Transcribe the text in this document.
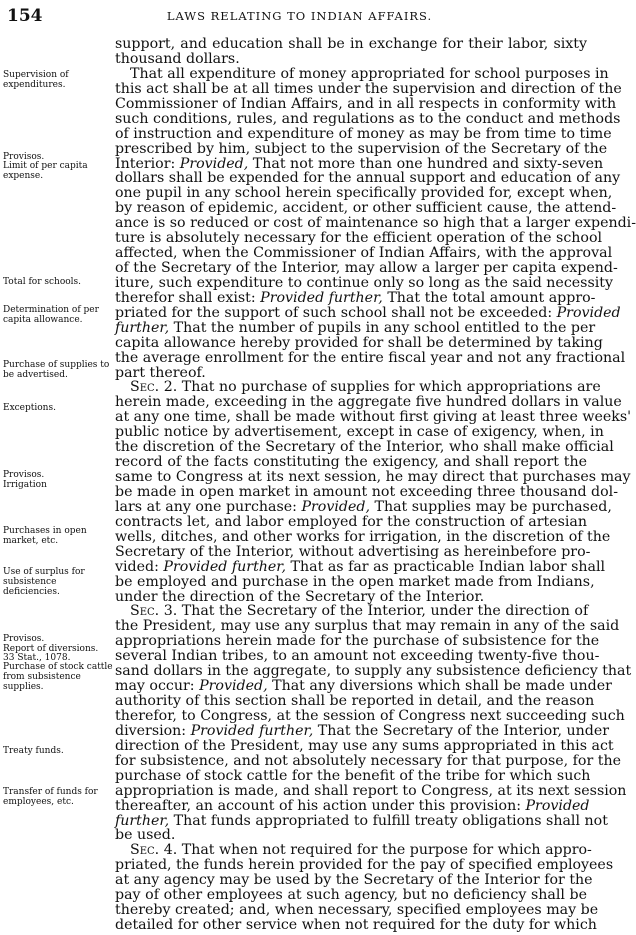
154	LAWS RELATING TO INDIAN AFFAIRS.
Supervision of expenditures.
Provisos.
Limit of per capita expense.
Total for schools.
Determination of per capita allowance.
Purchase of supplies to be advertised.
Exceptions.
Provisos.
Irrigation
Purchases in open market, etc.
Use of surplus for subsistence deficiencies.
Provisos.
Report of diversions.
33 Stat., 1078.
Purchase of stock cattle from subsistence supplies.
Treaty funds.
Transfer of funds for employees, etc.
support, and education shall be in exchange for their labor, sixty
thousand dollars.
That all expenditure of money appropriated for school purposes in
this act shall be at all times under the supervision and direction of the
Commissioner of Indian Affairs, and in all respects in conformity with
such conditions, rules, and regulations as to the conduct and methods
of instruction and expenditure of money as may be from time to time
prescribed by him, subject to the supervision of the Secretary of the
Interior: Provided, That not more than one hundred and sixty-seven
dollars shall be expended for the annual support and education of any
one pupil in any school herein specifically provided for, except when,
by reason of epidemic, accident, or other sufficient cause, the attend-
ance is so reduced or cost of maintenance so high that a larger expendi-
ture is absolutely necessary for the efficient operation of the school
affected, when the Commissioner of Indian Affairs, with the approval
of the Secretary of the Interior, may allow a larger per capita expend-
iture, such expenditure to continue only so long as the said necessity
therefor shall exist: Provided further, That the total amount appro-
priated for the support of such school shall not be exceeded: Provided
further, That the number of pupils in any school entitled to the per
capita allowance hereby provided for shall be determined by taking
the average enrollment for the entire fiscal year and not any fractional
part thereof.
Sec. 2. That no purchase of supplies for which appropriations are
herein made, exceeding in the aggregate five hundred dollars in value
at any one time, shall be made without first giving at least three weeks'
public notice by advertisement, except in case of exigency, when, in
the discretion of the Secretary of the Interior, who shall make official
record of the facts constituting the exigency, and shall report the
same to Congress at its next session, he may direct that purchases may
be made in open market in amount not exceeding three thousand dol-
lars at any one purchase: Provided, That supplies may be purchased,
contracts let, and labor employed for the construction of artesian
wells, ditches, and other works for irrigation, in the discretion of the
Secretary of the Interior, without advertising as hereinbefore pro-
vided: Provided further, That as far as practicable Indian labor shall
be employed and purchase in the open market made from Indians,
under the direction of the Secretary of the Interior.
Sec. 3. That the Secretary of the Interior, under the direction of
the President, may use any surplus that may remain in any of the said
appropriations herein made for the purchase of subsistence for the
several Indian tribes, to an amount not exceeding twenty-five thou-
sand dollars in the aggregate, to supply any subsistence deficiency that
may occur: Provided, That any diversions which shall be made under
authority of this section shall be reported in detail, and the reason
therefor, to Congress, at the session of Congress next succeeding such
diversion: Provided further, That the Secretary of the Interior, under
direction of the President, may use any sums appropriated in this act
for subsistence, and not absolutely necessary for that purpose, for the
purchase of stock cattle for the benefit of the tribe for which such
appropriation is made, and shall report to Congress, at its next session
thereafter, an account of his action under this provision: Provided
further, That funds appropriated to fulfill treaty obligations shall not
be used.
Sec. 4. That when not required for the purpose for which appro-
priated, the funds herein provided for the pay of specified employees
at any agency may be used by the Secretary of the Interior for the
pay of other employees at such agency, but no deficiency shall be
thereby created; and, when necessary, specified employees may be
detailed for other service when not required for the duty for which
